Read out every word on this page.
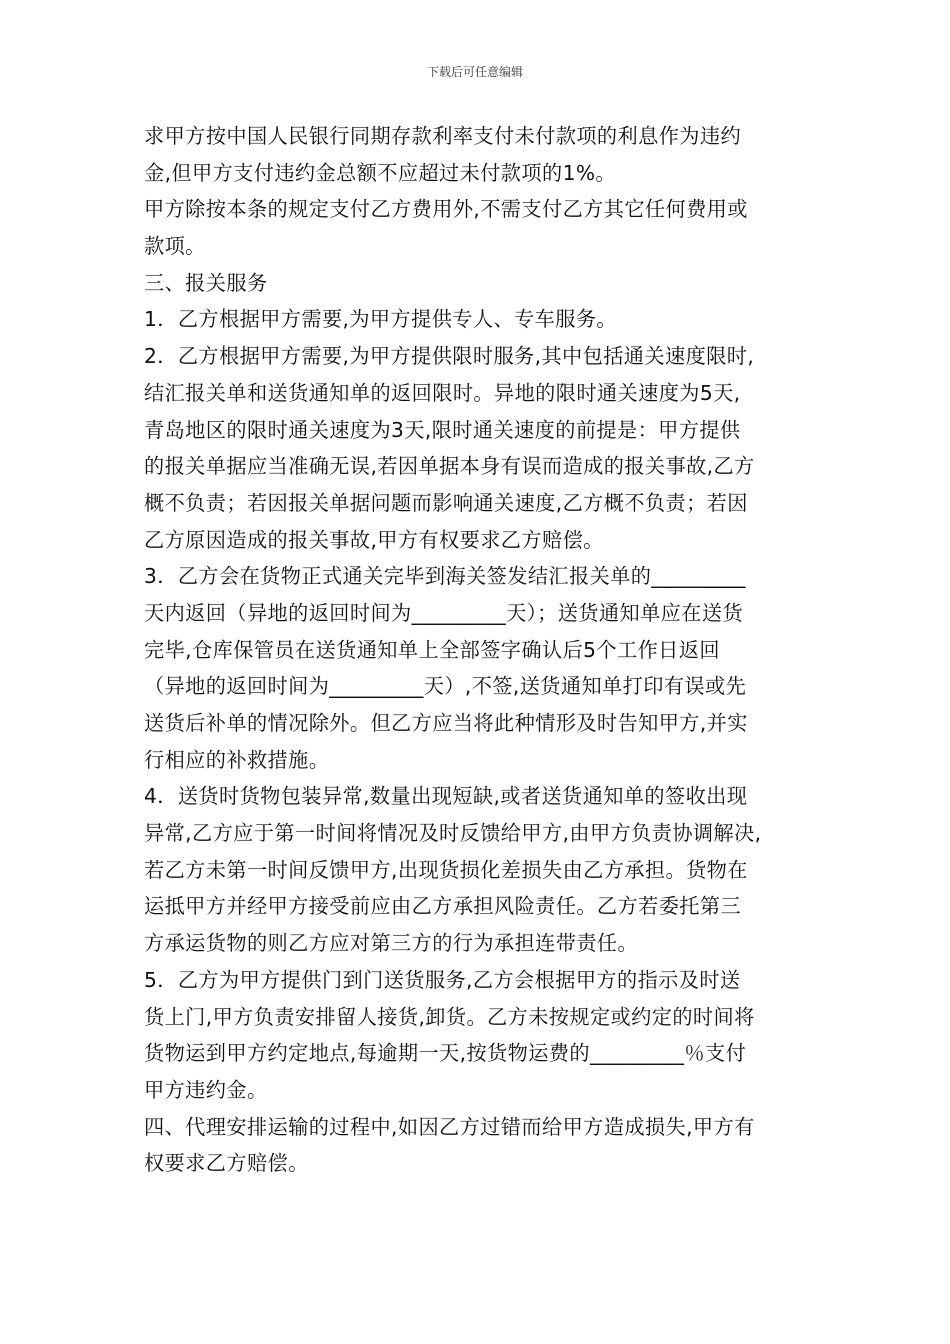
下载后可任意编辑
求甲方按中国人民银行同期存款利率支付未付款项的利息作为违约
金,但甲方支付违约金总额不应超过未付款项的1%。
甲方除按本条的规定支付乙方费用外,不需支付乙方其它任何费用或
款项。
三、报关服务
1．乙方根据甲方需要,为甲方提供专人、专车服务。
2．乙方根据甲方需要,为甲方提供限时服务,其中包括通关速度限时,
结汇报关单和送货通知单的返回限时。异地的限时通关速度为5天,
青岛地区的限时通关速度为3天,限时通关速度的前提是：甲方提供
的报关单据应当准确无误,若因单据本身有误而造成的报关事故,乙方
概不负责；若因报关单据问题而影响通关速度,乙方概不负责；若因
乙方原因造成的报关事故,甲方有权要求乙方赔偿。
3．乙方会在货物正式通关完毕到海关签发结汇报关单的_________
天内返回（异地的返回时间为_________天）；送货通知单应在送货
完毕,仓库保管员在送货通知单上全部签字确认后5个工作日返回
（异地的返回时间为_________天）,不签,送货通知单打印有误或先
送货后补单的情况除外。但乙方应当将此种情形及时告知甲方,并实
行相应的补救措施。
4．送货时货物包装异常,数量出现短缺,或者送货通知单的签收出现
异常,乙方应于第一时间将情况及时反馈给甲方,由甲方负责协调解决,
若乙方未第一时间反馈甲方,出现货损化差损失由乙方承担。货物在
运抵甲方并经甲方接受前应由乙方承担风险责任。乙方若委托第三
方承运货物的则乙方应对第三方的行为承担连带责任。
5．乙方为甲方提供门到门送货服务,乙方会根据甲方的指示及时送
货上门,甲方负责安排留人接货,卸货。乙方未按规定或约定的时间将
货物运到甲方约定地点,每逾期一天,按货物运费的_________％支付
甲方违约金。
四、代理安排运输的过程中,如因乙方过错而给甲方造成损失,甲方有
权要求乙方赔偿。
